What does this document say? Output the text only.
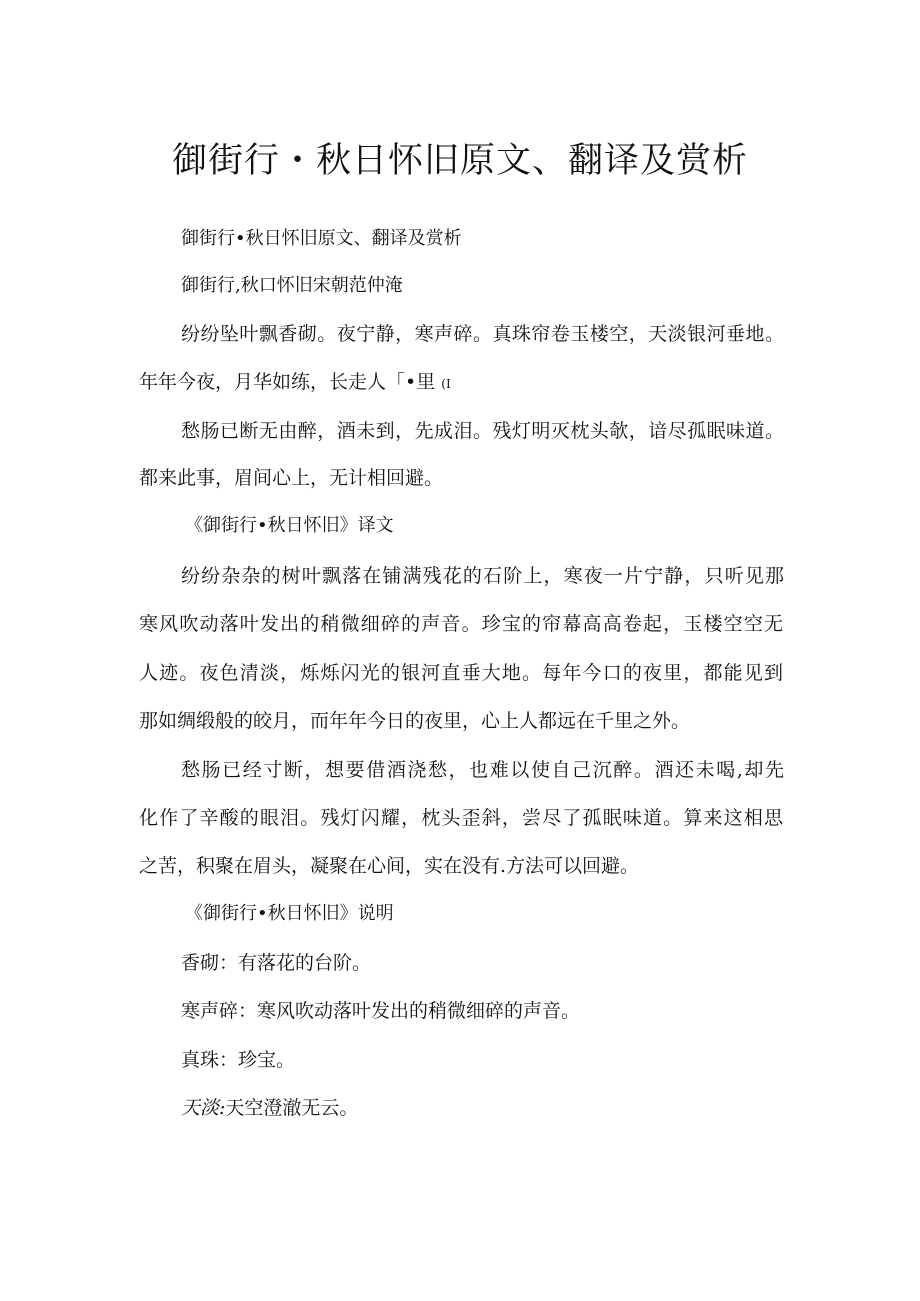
御街行・秋日怀旧原文、翻译及赏析
御街行•秋日怀旧原文、翻译及赏析
御街行,秋口怀旧宋朝范仲淹
纷纷坠叶飘香砌。夜宁静，寒声碎。真珠帘卷玉楼空，天淡银河垂地。
年年今夜，月华如练，长走人「•里 (I
愁肠已断无由醉，酒未到，先成泪。残灯明灭枕头欹，谙尽孤眠味道。
都来此事，眉间心上，无计相回避。
《御街行•秋日怀旧》译文
纷纷杂杂的树叶飘落在铺满残花的石阶上，寒夜一片宁静，只听见那
寒风吹动落叶发出的稍微细碎的声音。珍宝的帘幕高高卷起，玉楼空空无
人迹。夜色清淡，烁烁闪光的银河直垂大地。每年今口的夜里，都能见到
那如绸缎般的皎月，而年年今日的夜里，心上人都远在千里之外。
愁肠已经寸断，想要借酒浇愁，也难以使自己沉醉。酒还未喝,却先
化作了辛酸的眼泪。残灯闪耀，枕头歪斜，尝尽了孤眠味道。算来这相思
之苦，积聚在眉头，凝聚在心间，实在没有.方法可以回避。
《御街行•秋日怀旧》说明
香砌：有落花的台阶。
寒声碎：寒风吹动落叶发出的稍微细碎的声音。
真珠：珍宝。
天淡:天空澄澈无云。
